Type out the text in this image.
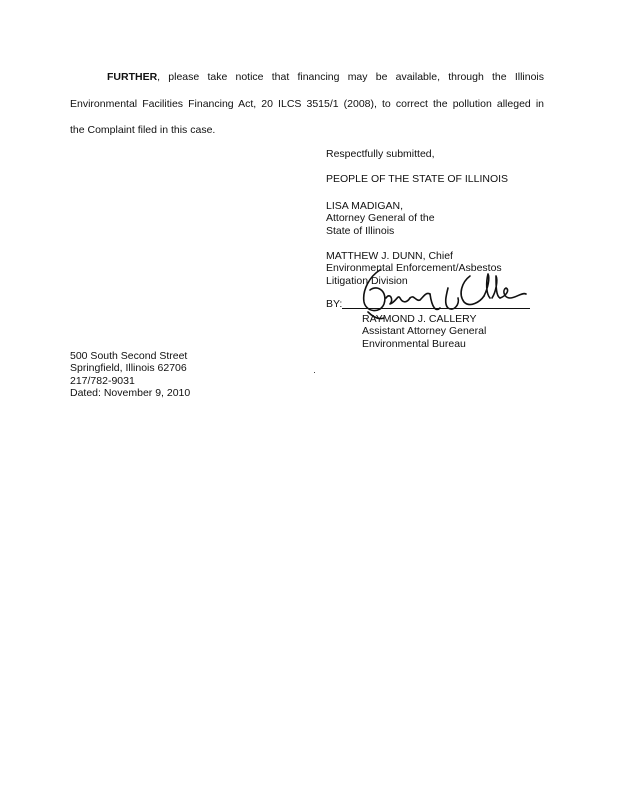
FURTHER, please take notice that financing may be available, through the Illinois
Environmental Facilities Financing Act, 20 ILCS 3515/1 (2008), to correct the pollution alleged in
the Complaint filed in this case.
Respectfully submitted,
PEOPLE OF THE STATE OF ILLINOIS
LISA MADIGAN,
Attorney General of the
State of Illinois
MATTHEW J. DUNN, Chief
Environmental Enforcement/Asbestos
Litigation Division
BY:
RAYMOND J. CALLERY
Assistant Attorney General
Environmental Bureau
500 South Second Street
Springfield, Illinois 62706
217/782-9031
Dated: November 9, 2010
